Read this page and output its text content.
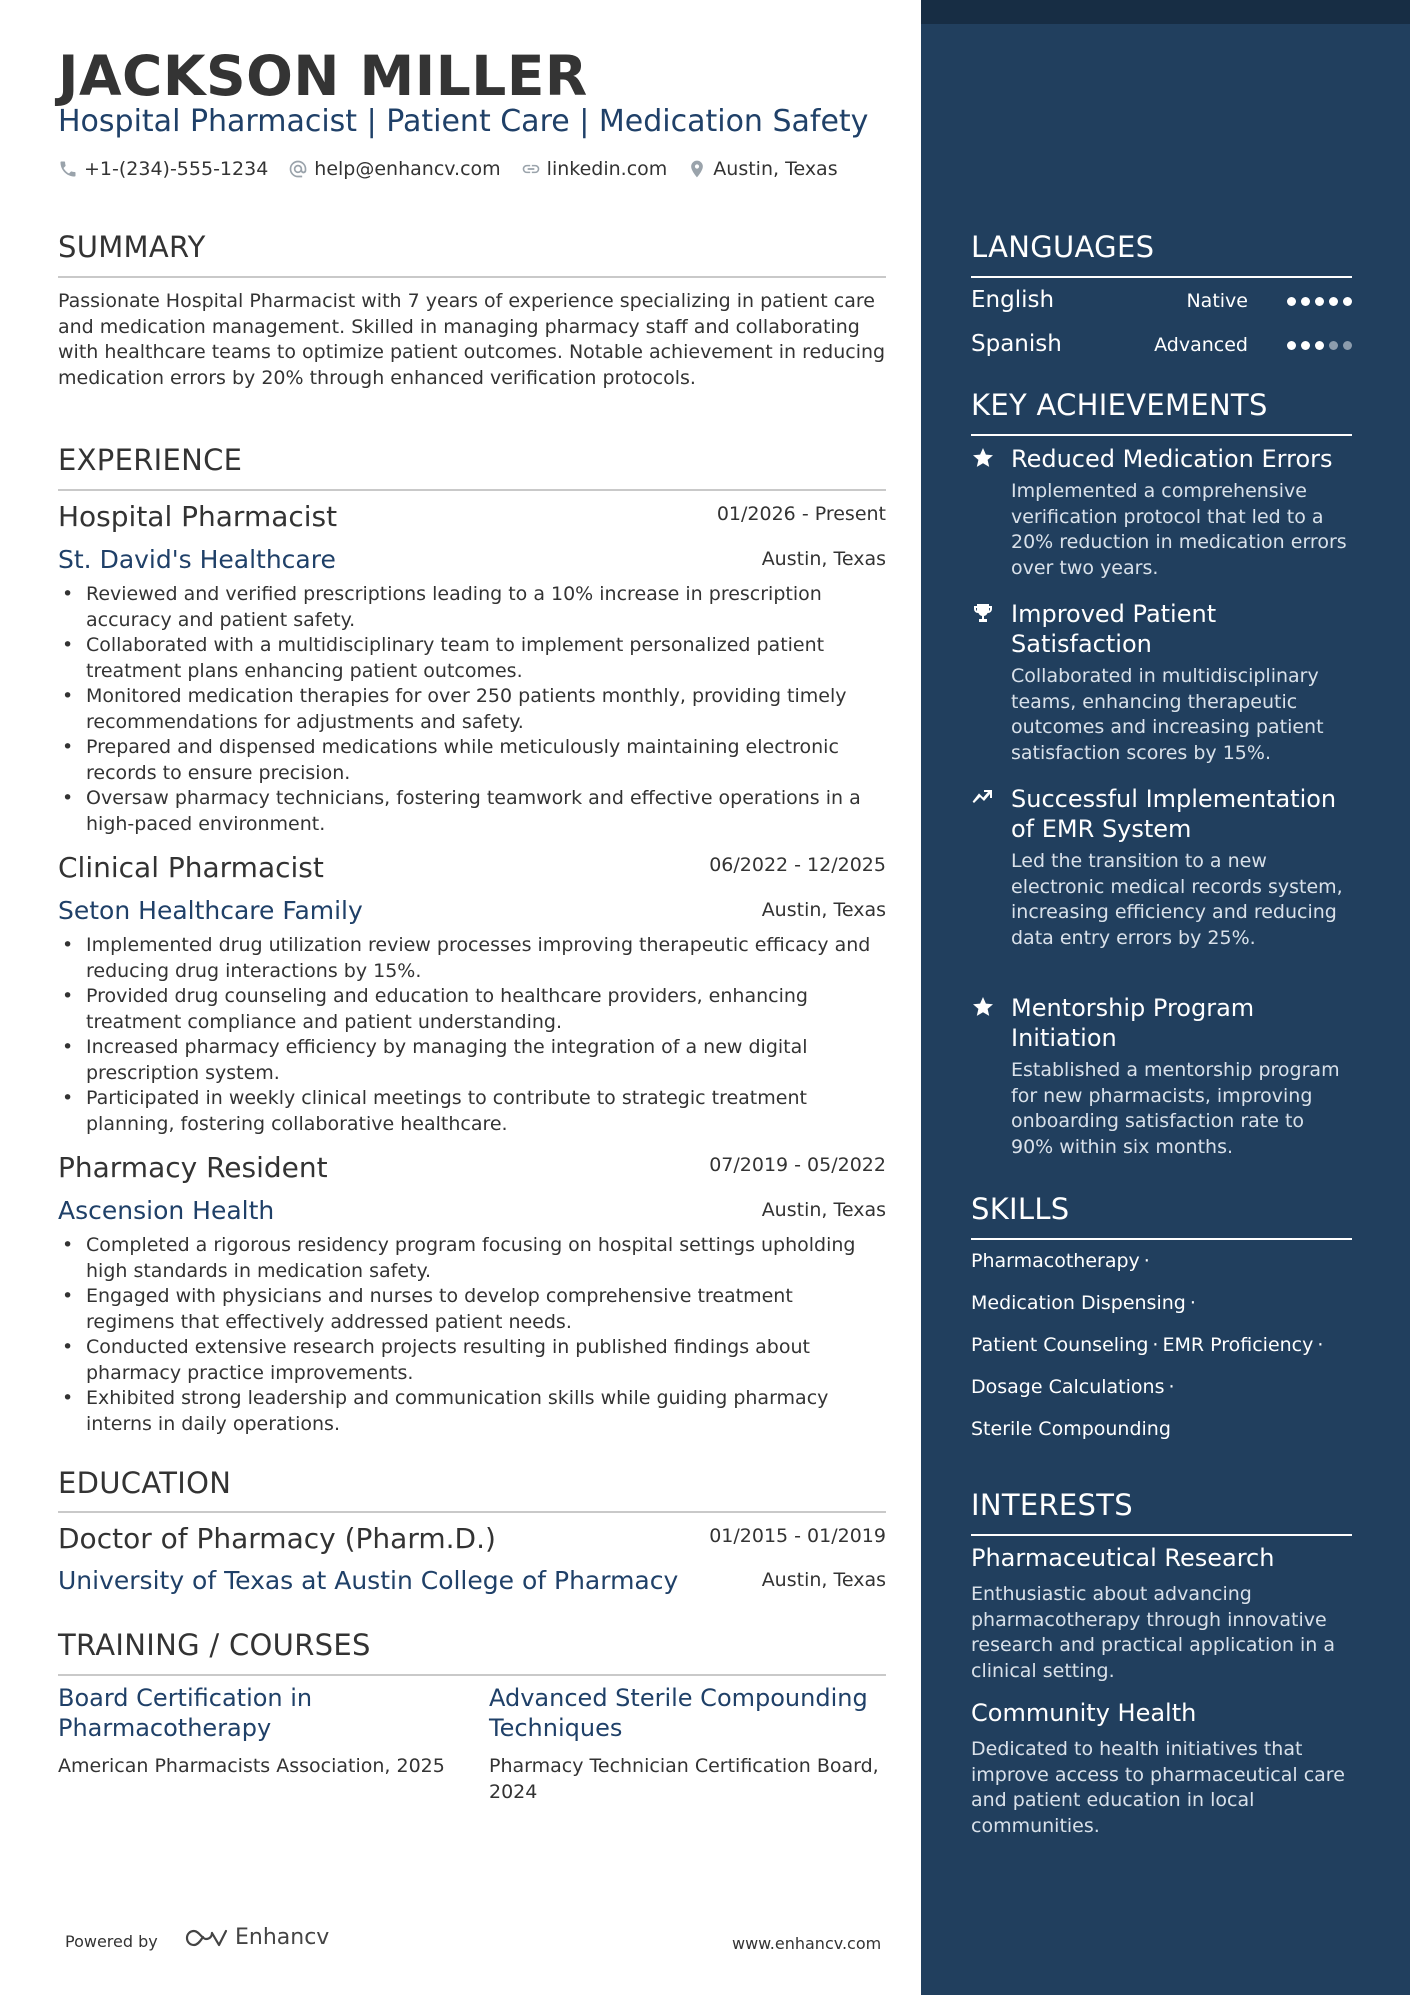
JACKSON MILLER
Hospital Pharmacist | Patient Care | Medication Safety
+1-(234)-555-1234 help@enhancv.com linkedin.com Austin, Texas
SUMMARY
Passionate Hospital Pharmacist with 7 years of experience specializing in patient care and medication management. Skilled in managing pharmacy staff and collaborating with healthcare teams to optimize patient outcomes. Notable achievement in reducing medication errors by 20% through enhanced verification protocols.
EXPERIENCE
Hospital Pharmacist	01/2026 - Present
St. David's Healthcare	Austin, Texas
• Reviewed and verified prescriptions leading to a 10% increase in prescription accuracy and patient safety.
• Collaborated with a multidisciplinary team to implement personalized patient treatment plans enhancing patient outcomes.
• Monitored medication therapies for over 250 patients monthly, providing timely recommendations for adjustments and safety.
• Prepared and dispensed medications while meticulously maintaining electronic records to ensure precision.
• Oversaw pharmacy technicians, fostering teamwork and effective operations in a high-paced environment.
Clinical Pharmacist	06/2022 - 12/2025
Seton Healthcare Family	Austin, Texas
• Implemented drug utilization review processes improving therapeutic efficacy and reducing drug interactions by 15%.
• Provided drug counseling and education to healthcare providers, enhancing treatment compliance and patient understanding.
• Increased pharmacy efficiency by managing the integration of a new digital prescription system.
• Participated in weekly clinical meetings to contribute to strategic treatment planning, fostering collaborative healthcare.
Pharmacy Resident	07/2019 - 05/2022
Ascension Health	Austin, Texas
• Completed a rigorous residency program focusing on hospital settings upholding high standards in medication safety.
• Engaged with physicians and nurses to develop comprehensive treatment regimens that effectively addressed patient needs.
• Conducted extensive research projects resulting in published findings about pharmacy practice improvements.
• Exhibited strong leadership and communication skills while guiding pharmacy interns in daily operations.
EDUCATION
Doctor of Pharmacy (Pharm.D.)	01/2015 - 01/2019
University of Texas at Austin College of Pharmacy	Austin, Texas
TRAINING / COURSES
Board Certification in Pharmacotherapy
American Pharmacists Association, 2025
Advanced Sterile Compounding Techniques
Pharmacy Technician Certification Board, 2024
Powered by	Enhancv	www.enhancv.com
LANGUAGES
English	Native
Spanish	Advanced
KEY ACHIEVEMENTS
Reduced Medication Errors
Implemented a comprehensive verification protocol that led to a 20% reduction in medication errors over two years.
Improved Patient Satisfaction
Collaborated in multidisciplinary teams, enhancing therapeutic outcomes and increasing patient satisfaction scores by 15%.
Successful Implementation of EMR System
Led the transition to a new electronic medical records system, increasing efficiency and reducing data entry errors by 25%.
Mentorship Program Initiation
Established a mentorship program for new pharmacists, improving onboarding satisfaction rate to 90% within six months.
SKILLS
Pharmacotherapy ·
Medication Dispensing ·
Patient Counseling · EMR Proficiency ·
Dosage Calculations ·
Sterile Compounding
INTERESTS
Pharmaceutical Research
Enthusiastic about advancing pharmacotherapy through innovative research and practical application in a clinical setting.
Community Health
Dedicated to health initiatives that improve access to pharmaceutical care and patient education in local communities.
